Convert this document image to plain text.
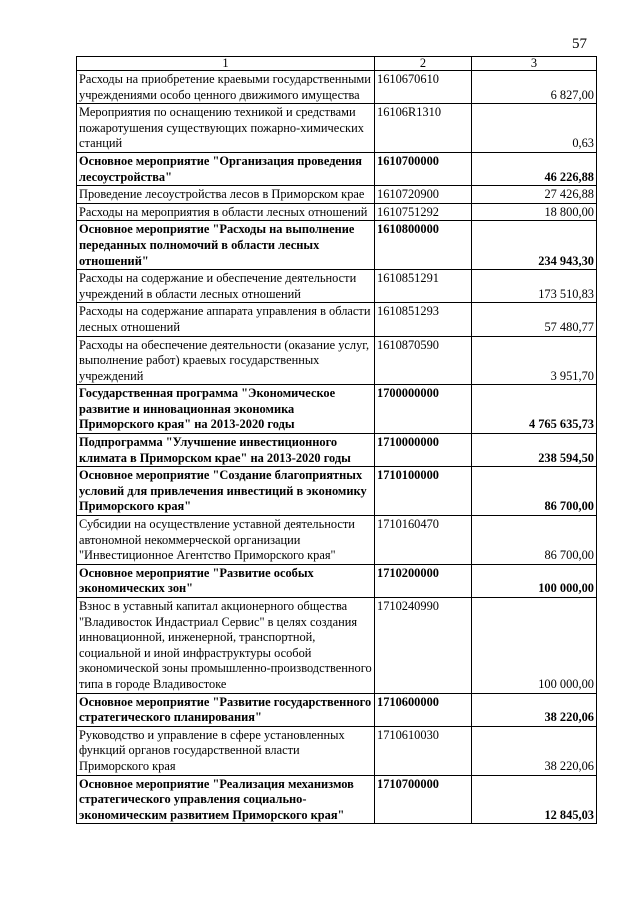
57
1	2	3
Расходы на приобретение краевыми государственными учреждениями особо ценного движимого имущества	1610670610	6 827,00
Мероприятия по оснащению техникой и средствами пожаротушения существующих пожарно-химических станций	16106R1310	0,63
Основное мероприятие "Организация проведения лесоустройства"	1610700000	46 226,88
Проведение лесоустройства лесов в Приморском крае	1610720900	27 426,88
Расходы на мероприятия в области лесных отношений	1610751292	18 800,00
Основное мероприятие "Расходы на выполнение переданных полномочий в области лесных отношений"	1610800000	234 943,30
Расходы на содержание и обеспечение деятельности учреждений в области лесных отношений	1610851291	173 510,83
Расходы на содержание аппарата управления в области лесных отношений	1610851293	57 480,77
Расходы на обеспечение деятельности (оказание услуг, выполнение работ) краевых государственных учреждений	1610870590	3 951,70
Государственная программа "Экономическое развитие и инновационная экономика Приморского края" на 2013-2020 годы	1700000000	4 765 635,73
Подпрограмма "Улучшение инвестиционного климата в Приморском крае" на 2013-2020 годы	1710000000	238 594,50
Основное мероприятие "Создание благоприятных условий для привлечения инвестиций в экономику Приморского края"	1710100000	86 700,00
Субсидии на осуществление уставной деятельности автономной некоммерческой организации "Инвестиционное Агентство Приморского края"	1710160470	86 700,00
Основное мероприятие "Развитие особых экономических зон"	1710200000	100 000,00
Взнос в уставный капитал акционерного общества "Владивосток Индастриал Сервис" в целях создания инновационной, инженерной, транспортной, социальной и иной инфраструктуры особой экономической зоны промышленно-производственного типа в городе Владивостоке	1710240990	100 000,00
Основное мероприятие "Развитие государственного стратегического планирования"	1710600000	38 220,06
Руководство и управление в сфере установленных функций органов государственной власти Приморского края	1710610030	38 220,06
Основное мероприятие "Реализация механизмов стратегического управления социально-экономическим развитием Приморского края"	1710700000	12 845,03
